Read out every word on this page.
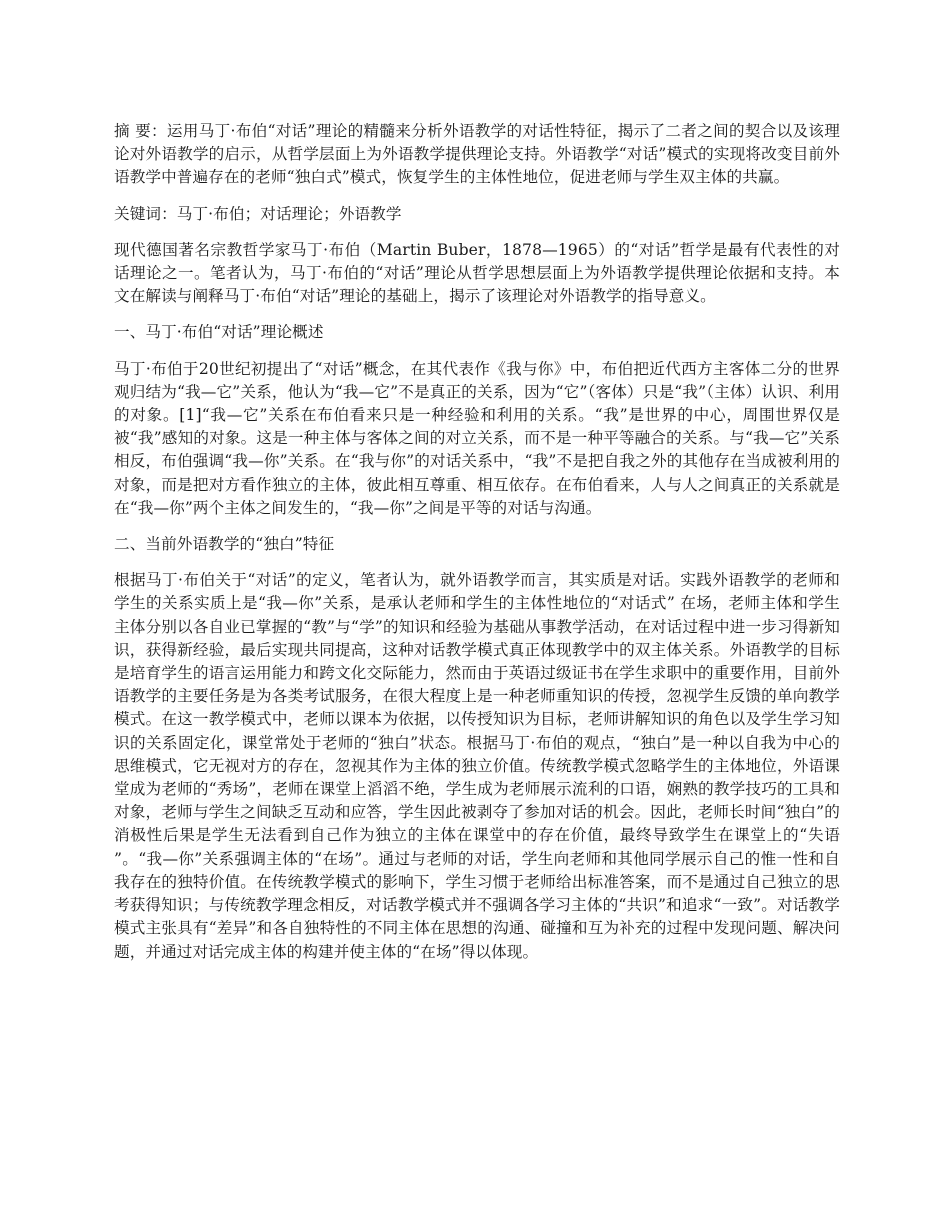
摘 要：运用马丁·布伯“对话”理论的精髓来分析外语教学的对话性特征，揭示了二者之间的契合以及该理论对外语教学的启示，从哲学层面上为外语教学提供理论支持。外语教学“对话”模式的实现将改变目前外语教学中普遍存在的老师“独白式”模式，恢复学生的主体性地位，促进老师与学生双主体的共赢。

关键词：马丁·布伯；对话理论；外语教学

现代德国著名宗教哲学家马丁·布伯（Martin Buber，1878—1965）的“对话”哲学是最有代表性的对话理论之一。笔者认为，马丁·布伯的“对话”理论从哲学思想层面上为外语教学提供理论依据和支持。本文在解读与阐释马丁·布伯“对话”理论的基础上，揭示了该理论对外语教学的指导意义。

一、马丁·布伯“对话”理论概述

马丁·布伯于20世纪初提出了“对话”概念，在其代表作《我与你》中，布伯把近代西方主客体二分的世界观归结为“我—它”关系，他认为“我—它”不是真正的关系，因为“它”（客体）只是“我”（主体）认识、利用的对象。[1]“我—它”关系在布伯看来只是一种经验和利用的关系。“我”是世界的中心，周围世界仅是被“我”感知的对象。这是一种主体与客体之间的对立关系，而不是一种平等融合的关系。与“我—它”关系相反，布伯强调“我—你”关系。在“我与你”的对话关系中，“我”不是把自我之外的其他存在当成被利用的对象，而是把对方看作独立的主体，彼此相互尊重、相互依存。在布伯看来，人与人之间真正的关系就是在“我—你”两个主体之间发生的，“我—你”之间是平等的对话与沟通。

二、当前外语教学的“独白”特征

根据马丁·布伯关于“对话”的定义，笔者认为，就外语教学而言，其实质是对话。实践外语教学的老师和学生的关系实质上是“我—你”关系，是承认老师和学生的主体性地位的“对话式” 在场，老师主体和学生主体分别以各自业已掌握的“教”与“学”的知识和经验为基础从事教学活动，在对话过程中进一步习得新知识，获得新经验，最后实现共同提高，这种对话教学模式真正体现教学中的双主体关系。外语教学的目标是培育学生的语言运用能力和跨文化交际能力，然而由于英语过级证书在学生求职中的重要作用，目前外语教学的主要任务是为各类考试服务，在很大程度上是一种老师重知识的传授，忽视学生反馈的单向教学模式。在这一教学模式中，老师以课本为依据，以传授知识为目标，老师讲解知识的角色以及学生学习知识的关系固定化，课堂常处于老师的“独白”状态。根据马丁·布伯的观点，“独白”是一种以自我为中心的思维模式，它无视对方的存在，忽视其作为主体的独立价值。传统教学模式忽略学生的主体地位，外语课堂成为老师的“秀场”，老师在课堂上滔滔不绝，学生成为老师展示流利的口语，娴熟的教学技巧的工具和对象，老师与学生之间缺乏互动和应答，学生因此被剥夺了参加对话的机会。因此，老师长时间“独白”的消极性后果是学生无法看到自己作为独立的主体在课堂中的存在价值，最终导致学生在课堂上的“失语 ”。“我—你”关系强调主体的“在场”。通过与老师的对话，学生向老师和其他同学展示自己的惟一性和自我存在的独特价值。在传统教学模式的影响下，学生习惯于老师给出标准答案，而不是通过自己独立的思考获得知识；与传统教学理念相反，对话教学模式并不强调各学习主体的“共识”和追求“一致”。对话教学模式主张具有“差异”和各自独特性的不同主体在思想的沟通、碰撞和互为补充的过程中发现问题、解决问题，并通过对话完成主体的构建并使主体的“在场”得以体现。
